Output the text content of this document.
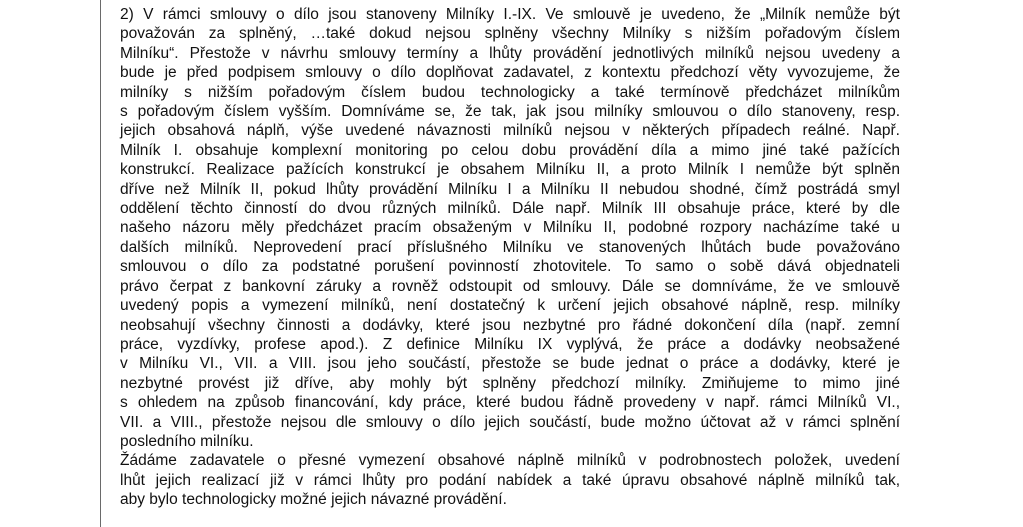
2) V rámci smlouvy o dílo jsou stanoveny Milníky I.-IX. Ve smlouvě je uvedeno, že „Milník nemůže být
považován za splněný, …také dokud nejsou splněny všechny Milníky s nižším pořadovým číslem
Milníku“. Přestože v návrhu smlouvy termíny a lhůty provádění jednotlivých milníků nejsou uvedeny a
bude je před podpisem smlouvy o dílo doplňovat zadavatel, z kontextu předchozí věty vyvozujeme, že
milníky s nižším pořadovým číslem budou technologicky a také termínově předcházet milníkům
s pořadovým číslem vyšším. Domníváme se, že tak, jak jsou milníky smlouvou o dílo stanoveny, resp.
jejich obsahová náplň, výše uvedené návaznosti milníků nejsou v některých případech reálné. Např.
Milník I. obsahuje komplexní monitoring po celou dobu provádění díla a mimo jiné také pažících
konstrukcí. Realizace pažících konstrukcí je obsahem Milníku II, a proto Milník I nemůže být splněn
dříve než Milník II, pokud lhůty provádění Milníku I a Milníku II nebudou shodné, čímž postrádá smyl
oddělení těchto činností do dvou různých milníků. Dále např. Milník III obsahuje práce, které by dle
našeho názoru měly předcházet pracím obsaženým v Milníku II, podobné rozpory nacházíme také u
dalších milníků. Neprovedení prací příslušného Milníku ve stanovených lhůtách bude považováno
smlouvou o dílo za podstatné porušení povinností zhotovitele. To samo o sobě dává objednateli
právo čerpat z bankovní záruky a rovněž odstoupit od smlouvy. Dále se domníváme, že ve smlouvě
uvedený popis a vymezení milníků, není dostatečný k určení jejich obsahové náplně, resp. milníky
neobsahují všechny činnosti a dodávky, které jsou nezbytné pro řádné dokončení díla (např. zemní
práce, vyzdívky, profese apod.). Z definice Milníku IX vyplývá, že práce a dodávky neobsažené
v Milníku VI., VII. a VIII. jsou jeho součástí, přestože se bude jednat o práce a dodávky, které je
nezbytné provést již dříve, aby mohly být splněny předchozí milníky. Zmiňujeme to mimo jiné
s ohledem na způsob financování, kdy práce, které budou řádně provedeny v např. rámci Milníků VI.,
VII. a VIII., přestože nejsou dle smlouvy o dílo jejich součástí, bude možno účtovat až v rámci splnění
posledního milníku.
Žádáme zadavatele o přesné vymezení obsahové náplně milníků v podrobnostech položek, uvedení
lhůt jejich realizací již v rámci lhůty pro podání nabídek a také úpravu obsahové náplně milníků tak,
aby bylo technologicky možné jejich návazné provádění.
